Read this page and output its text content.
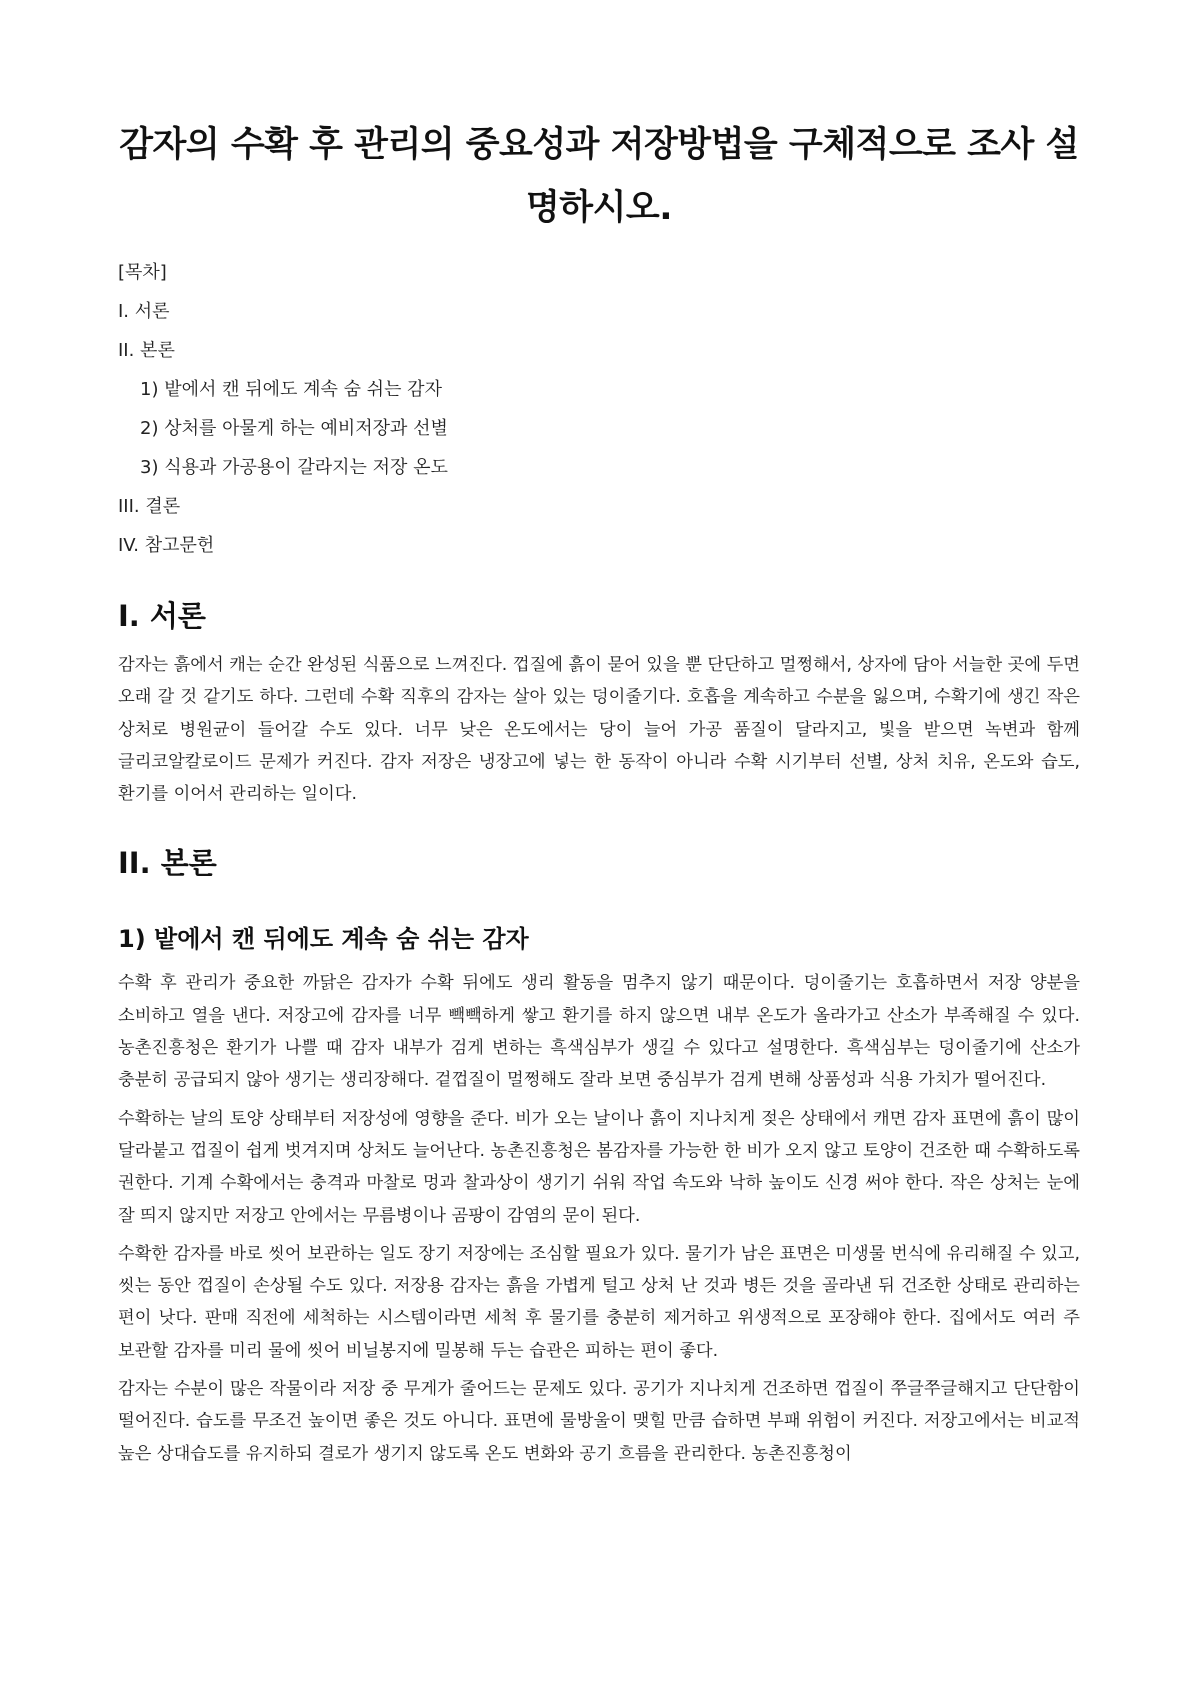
감자의 수확 후 관리의 중요성과 저장방법을 구체적으로 조사 설명하시오.
[목차]
I. 서론
II. 본론
1) 밭에서 캔 뒤에도 계속 숨 쉬는 감자
2) 상처를 아물게 하는 예비저장과 선별
3) 식용과 가공용이 갈라지는 저장 온도
III. 결론
IV. 참고문헌
I. 서론

감자는 흙에서 캐는 순간 완성된 식품으로 느껴진다. 껍질에 흙이 묻어 있을 뿐 단단하고 멀쩡해서, 상자에 담아 서늘한 곳에 두면 오래 갈 것 같기도 하다. 그런데 수확 직후의 감자는 살아 있는 덩이줄기다. 호흡을 계속하고 수분을 잃으며, 수확기에 생긴 작은 상처로 병원균이 들어갈 수도 있다. 너무 낮은 온도에서는 당이 늘어 가공 품질이 달라지고, 빛을 받으면 녹변과 함께 글리코알칼로이드 문제가 커진다. 감자 저장은 냉장고에 넣는 한 동작이 아니라 수확 시기부터 선별, 상처 치유, 온도와 습도, 환기를 이어서 관리하는 일이다.

II. 본론
1) 밭에서 캔 뒤에도 계속 숨 쉬는 감자

수확 후 관리가 중요한 까닭은 감자가 수확 뒤에도 생리 활동을 멈추지 않기 때문이다. 덩이줄기는 호흡하면서 저장 양분을 소비하고 열을 낸다. 저장고에 감자를 너무 빽빽하게 쌓고 환기를 하지 않으면 내부 온도가 올라가고 산소가 부족해질 수 있다. 농촌진흥청은 환기가 나쁠 때 감자 내부가 검게 변하는 흑색심부가 생길 수 있다고 설명한다. 흑색심부는 덩이줄기에 산소가 충분히 공급되지 않아 생기는 생리장해다. 겉껍질이 멀쩡해도 잘라 보면 중심부가 검게 변해 상품성과 식용 가치가 떨어진다.

수확하는 날의 토양 상태부터 저장성에 영향을 준다. 비가 오는 날이나 흙이 지나치게 젖은 상태에서 캐면 감자 표면에 흙이 많이 달라붙고 껍질이 쉽게 벗겨지며 상처도 늘어난다. 농촌진흥청은 봄감자를 가능한 한 비가 오지 않고 토양이 건조한 때 수확하도록 권한다. 기계 수확에서는 충격과 마찰로 멍과 찰과상이 생기기 쉬워 작업 속도와 낙하 높이도 신경 써야 한다. 작은 상처는 눈에 잘 띄지 않지만 저장고 안에서는 무름병이나 곰팡이 감염의 문이 된다.

수확한 감자를 바로 씻어 보관하는 일도 장기 저장에는 조심할 필요가 있다. 물기가 남은 표면은 미생물 번식에 유리해질 수 있고, 씻는 동안 껍질이 손상될 수도 있다. 저장용 감자는 흙을 가볍게 털고 상처 난 것과 병든 것을 골라낸 뒤 건조한 상태로 관리하는 편이 낫다. 판매 직전에 세척하는 시스템이라면 세척 후 물기를 충분히 제거하고 위생적으로 포장해야 한다. 집에서도 여러 주 보관할 감자를 미리 물에 씻어 비닐봉지에 밀봉해 두는 습관은 피하는 편이 좋다.

감자는 수분이 많은 작물이라 저장 중 무게가 줄어드는 문제도 있다. 공기가 지나치게 건조하면 껍질이 쭈글쭈글해지고 단단함이 떨어진다. 습도를 무조건 높이면 좋은 것도 아니다. 표면에 물방울이 맺힐 만큼 습하면 부패 위험이 커진다. 저장고에서는 비교적 높은 상대습도를 유지하되 결로가 생기지 않도록 온도 변화와 공기 흐름을 관리한다. 농촌진흥청이
